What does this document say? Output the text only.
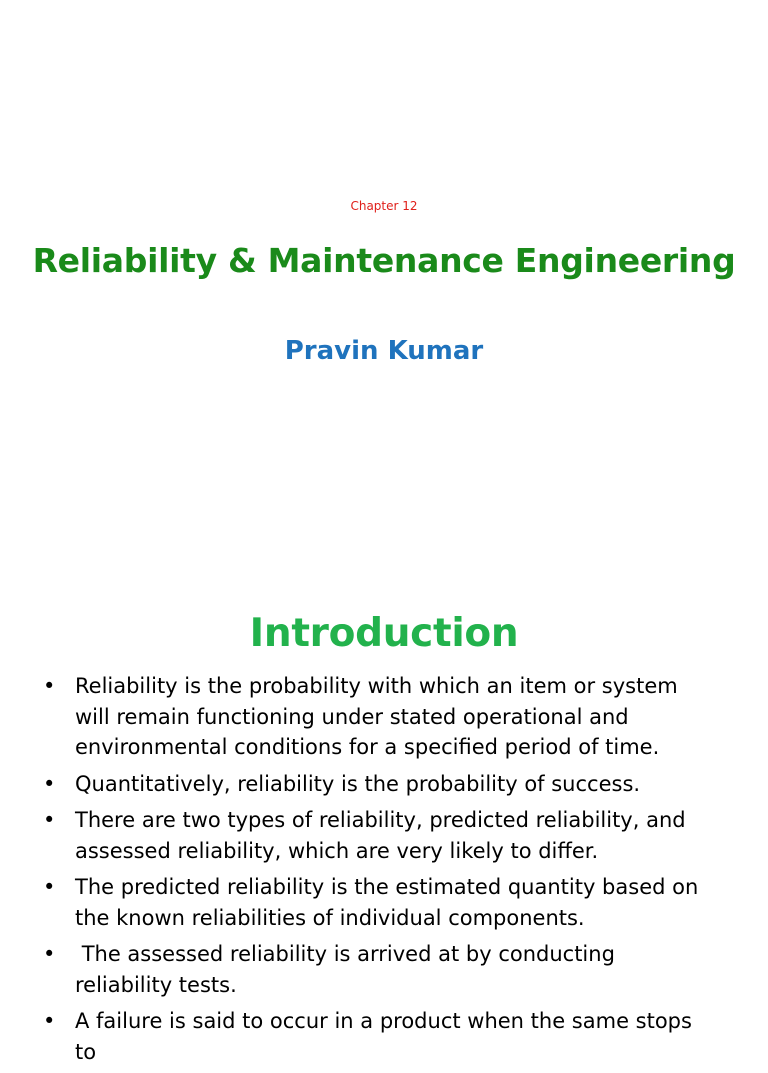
Chapter 12
Reliability & Maintenance Engineering
Pravin Kumar
Introduction
• Reliability is the probability with which an item or system will remain functioning under stated operational and environmental conditions for a specified period of time.
• Quantitatively, reliability is the probability of success.
• There are two types of reliability, predicted reliability, and assessed reliability, which are very likely to differ.
• The predicted reliability is the estimated quantity based on the known reliabilities of individual components.
• The assessed reliability is arrived at by conducting reliability tests.
• A failure is said to occur in a product when the same stops to
